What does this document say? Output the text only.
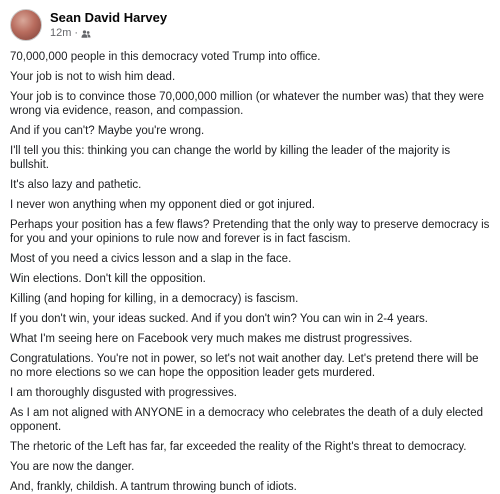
Sean David Harvey
12m ·

70,000,000 people in this democracy voted Trump into office.

Your job is not to wish him dead.

Your job is to convince those 70,000,000 million (or whatever the number was) that they were wrong via evidence, reason, and compassion.

And if you can't? Maybe you're wrong.

I'll tell you this: thinking you can change the world by killing the leader of the majority is bullshit.

It's also lazy and pathetic.

I never won anything when my opponent died or got injured.

Perhaps your position has a few flaws? Pretending that the only way to preserve democracy is for you and your opinions to rule now and forever is in fact fascism.

Most of you need a civics lesson and a slap in the face.

Win elections. Don't kill the opposition.

Killing (and hoping for killing, in a democracy) is fascism.

If you don't win, your ideas sucked. And if you don't win? You can win in 2-4 years.

What I'm seeing here on Facebook very much makes me distrust progressives.

Congratulations. You're not in power, so let's not wait another day. Let's pretend there will be no more elections so we can hope the opposition leader gets murdered.

I am thoroughly disgusted with progressives.

As I am not aligned with ANYONE in a democracy who celebrates the death of a duly elected opponent.

The rhetoric of the Left has far, far exceeded the reality of the Right's threat to democracy.

You are now the danger.

And, frankly, childish. A tantrum throwing bunch of idiots.
